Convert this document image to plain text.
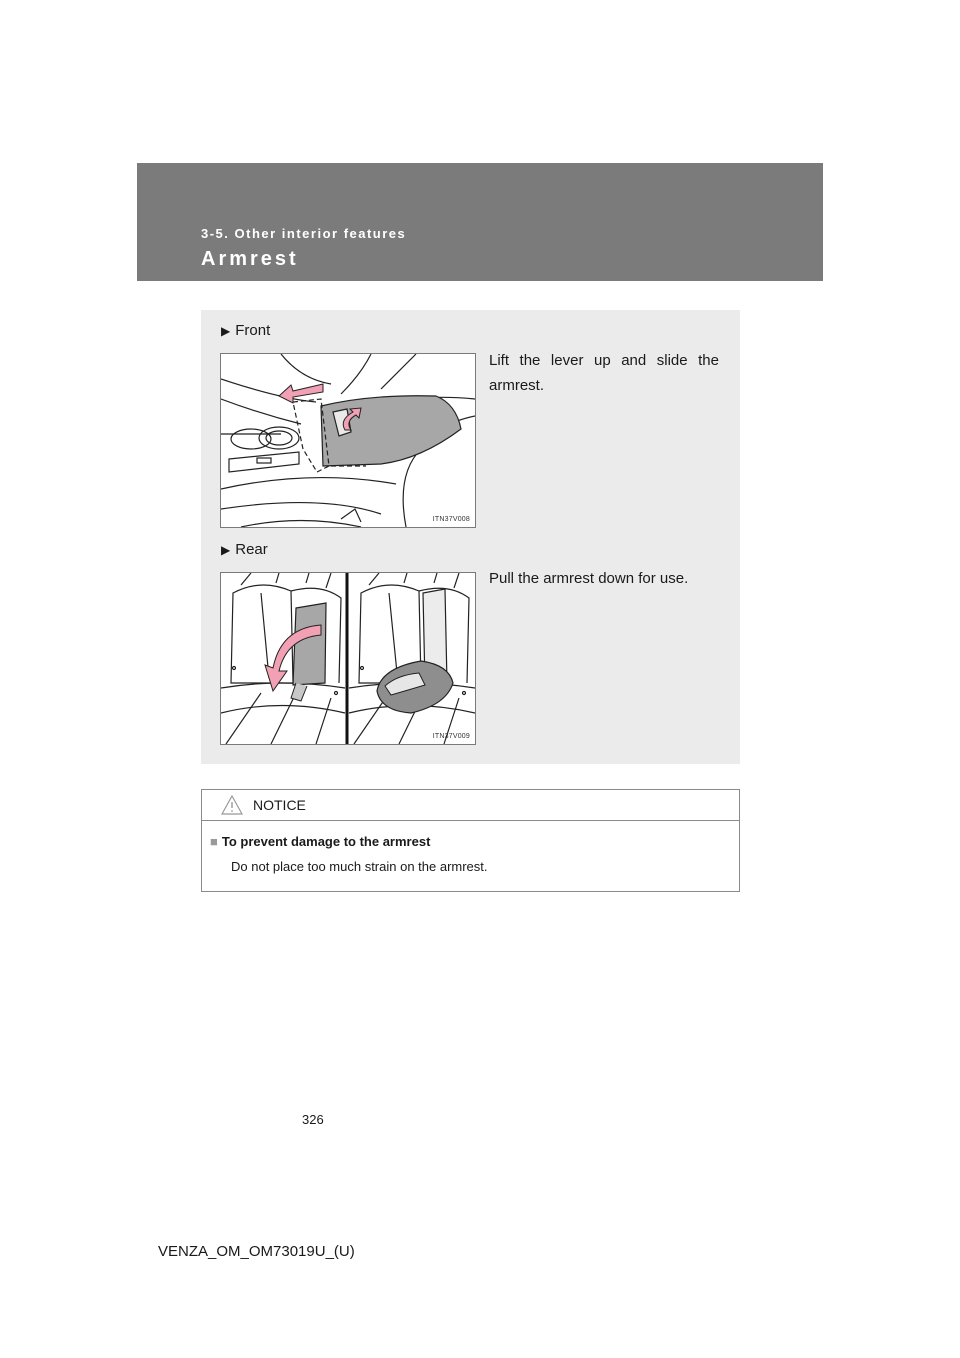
3-5. Other interior features
Armrest
▶ Front
Lift the lever up and slide the armrest.
ITN37V008
▶ Rear
Pull the armrest down for use.
ITN37V009
NOTICE
■ To prevent damage to the armrest
Do not place too much strain on the armrest.
326
VENZA_OM_OM73019U_(U)
